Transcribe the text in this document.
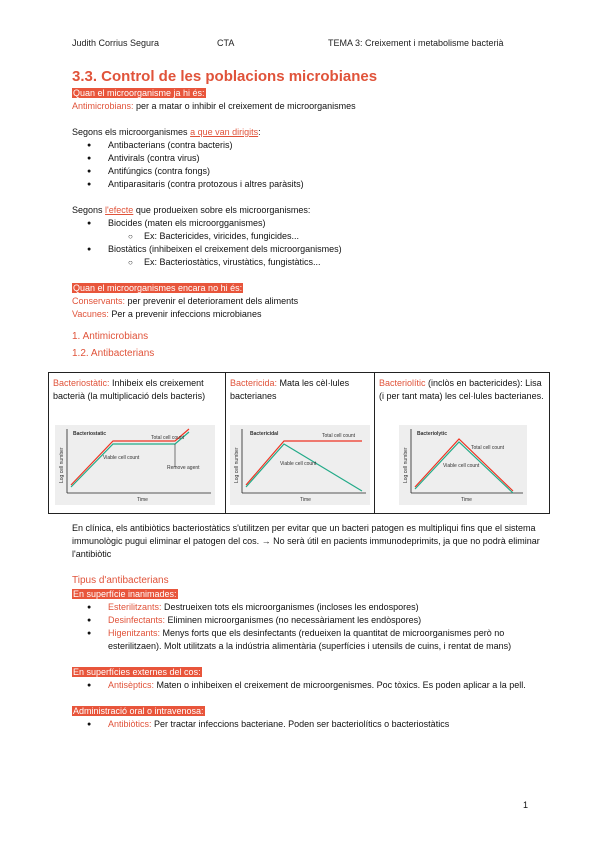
Judith Corrius Segura	CTA	TEMA 3: Creixement i metabolisme bacterià
3.3. Control de les poblacions microbianes

Quan el microorganisme ja hi és:

Antimicrobians: per a matar o inhibir el creixement de microorganismes

Segons els microorganismes a que van dirigits:

● Antibacterians (contra bacteris)
● Antivirals (contra virus)
● Antifúngics (contra fongs)
● Antiparasitaris (contra protozous i altres paràsits)

Segons l'efecte que produeixen sobre els microorganismes:

● Biocides (maten els microorgganismes)
○ Ex: Bactericides, viricides, fungicides...
● Biostàtics (inhibeixen el creixement dels microorganismes)
○ Ex: Bacteriostàtics, virustàtics, fungistàtics...

Quan el microorganismes encara no hi és:

Conservants: per prevenir el deteriorament dels aliments

Vacunes: Per a prevenir infeccions microbianes

1. Antimicrobians
1.2. Antibacterians
Bacteriostàtic: Inhibeix els creixement bacterià (la multiplicació dels bacteris)
Bacteriostatic
Total cell count
Viable cell count
Remove agent
Time
Log cell number
Bactericida: Mata les cèl·lules bacterianes
Bactericidal	Total cell count
Viable cell count
Time
Log cell number
Bacteriolític (inclòs en bactericides): Lisa (i per tant mata) les cel·lules bacterianes.
Bacteriolytic
Total cell count
Viable cell count
Time
Log cell number

En clínica, els antibiòtics bacteriostàtics s'utilitzen per evitar que un bacteri patogen es multipliqui fins que el sistema immunològic pugui eliminar el patogen del cos. → No serà útil en pacients immunodeprimits, ja que no podrà eliminar l'antibiòtic

Tipus d'antibacterians

En superfície inanimades:

● Esterilitzants: Destrueixen tots els microorganismes (incloses les endospores)
● Desinfectants: Eliminen microorganismes (no necessàriament les endòspores)
● Higenitzants: Menys forts que els desinfectants (redueixen la quantitat de microorganismes però no esterilitzaen). Molt utilitzats a la indústria alimentària (superfícies i utensils de cuins, i rentat de mans)

En superfícies externes del cos:

● Antisèptics: Maten o inhibeixen el creixement de microorgenismes. Poc tòxics. Es poden aplicar a la pell.

Administració oral o intravenosa:

● Antibiòtics: Per tractar infeccions bacteriane. Poden ser bacteriolítics o bacteriostàtics
1
